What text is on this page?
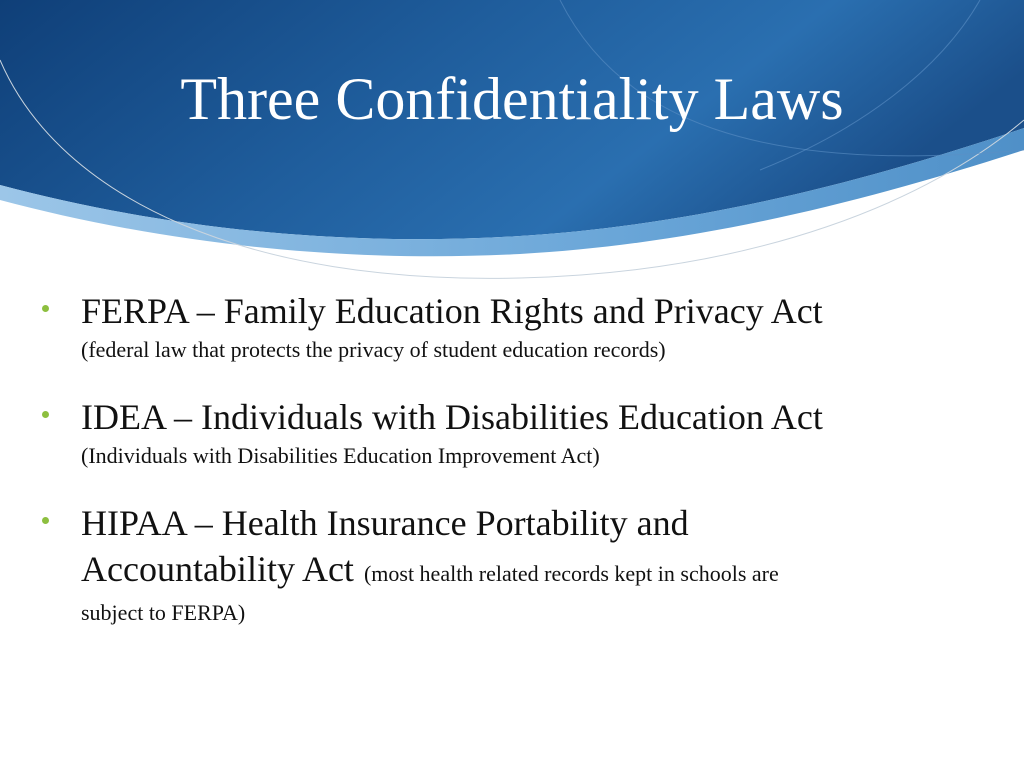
Three Confidentiality Laws
FERPA – Family Education Rights and Privacy Act
(federal law that protects the privacy of student education records)
IDEA – Individuals with Disabilities Education Act
(Individuals with Disabilities Education Improvement Act)
HIPAA – Health Insurance Portability and
Accountability Act (most health related records kept in schools are
subject to FERPA)
